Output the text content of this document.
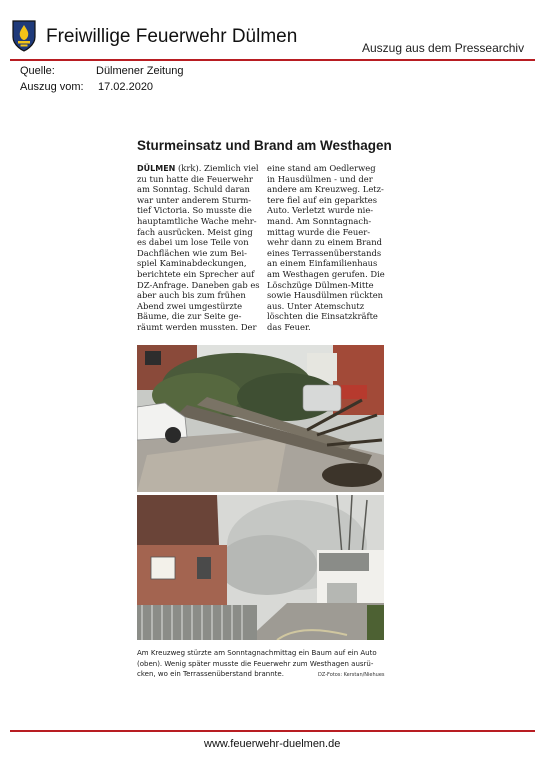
Freiwillige Feuerwehr Dülmen
Auszug aus dem Pressearchiv
Quelle:	Dülmener Zeitung
Auszug vom: 17.02.2020
Sturmeinsatz und Brand am Westhagen
DÜLMEN (krk). Ziemlich viel
zu tun hatte die Feuerwehr
am Sonntag. Schuld daran
war unter anderem Sturm-
tief Victoria. So musste die
hauptamtliche Wache mehr-
fach ausrücken. Meist ging
es dabei um lose Teile von
Dachflächen wie zum Bei-
spiel Kaminabdeckungen,
berichtete ein Sprecher auf
DZ-Anfrage. Daneben gab es
aber auch bis zum frühen
Abend zwei umgestürzte
Bäume, die zur Seite ge-
räumt werden mussten. Der
eine stand am Oedlerweg
in Hausdülmen - und der
andere am Kreuzweg. Letz-
tere fiel auf ein geparktes
Auto. Verletzt wurde nie-
mand. Am Sonntagnach-
mittag wurde die Feuer-
wehr dann zu einem Brand
eines Terrassenüberstands
an einem Einfamilienhaus
am Westhagen gerufen. Die
Löschzüge Dülmen-Mitte
sowie Hausdülmen rückten
aus. Unter Atemschutz
löschten die Einsatzkräfte
das Feuer.
Am Kreuzweg stürzte am Sonntagnachmittag ein Baum auf ein Auto
(oben). Wenig später musste die Feuerwehr zum Westhagen ausrü-
cken, wo ein Terrassenüberstand brannte.	DZ-Fotos: Kerstan/Niehues
www.feuerwehr-duelmen.de
